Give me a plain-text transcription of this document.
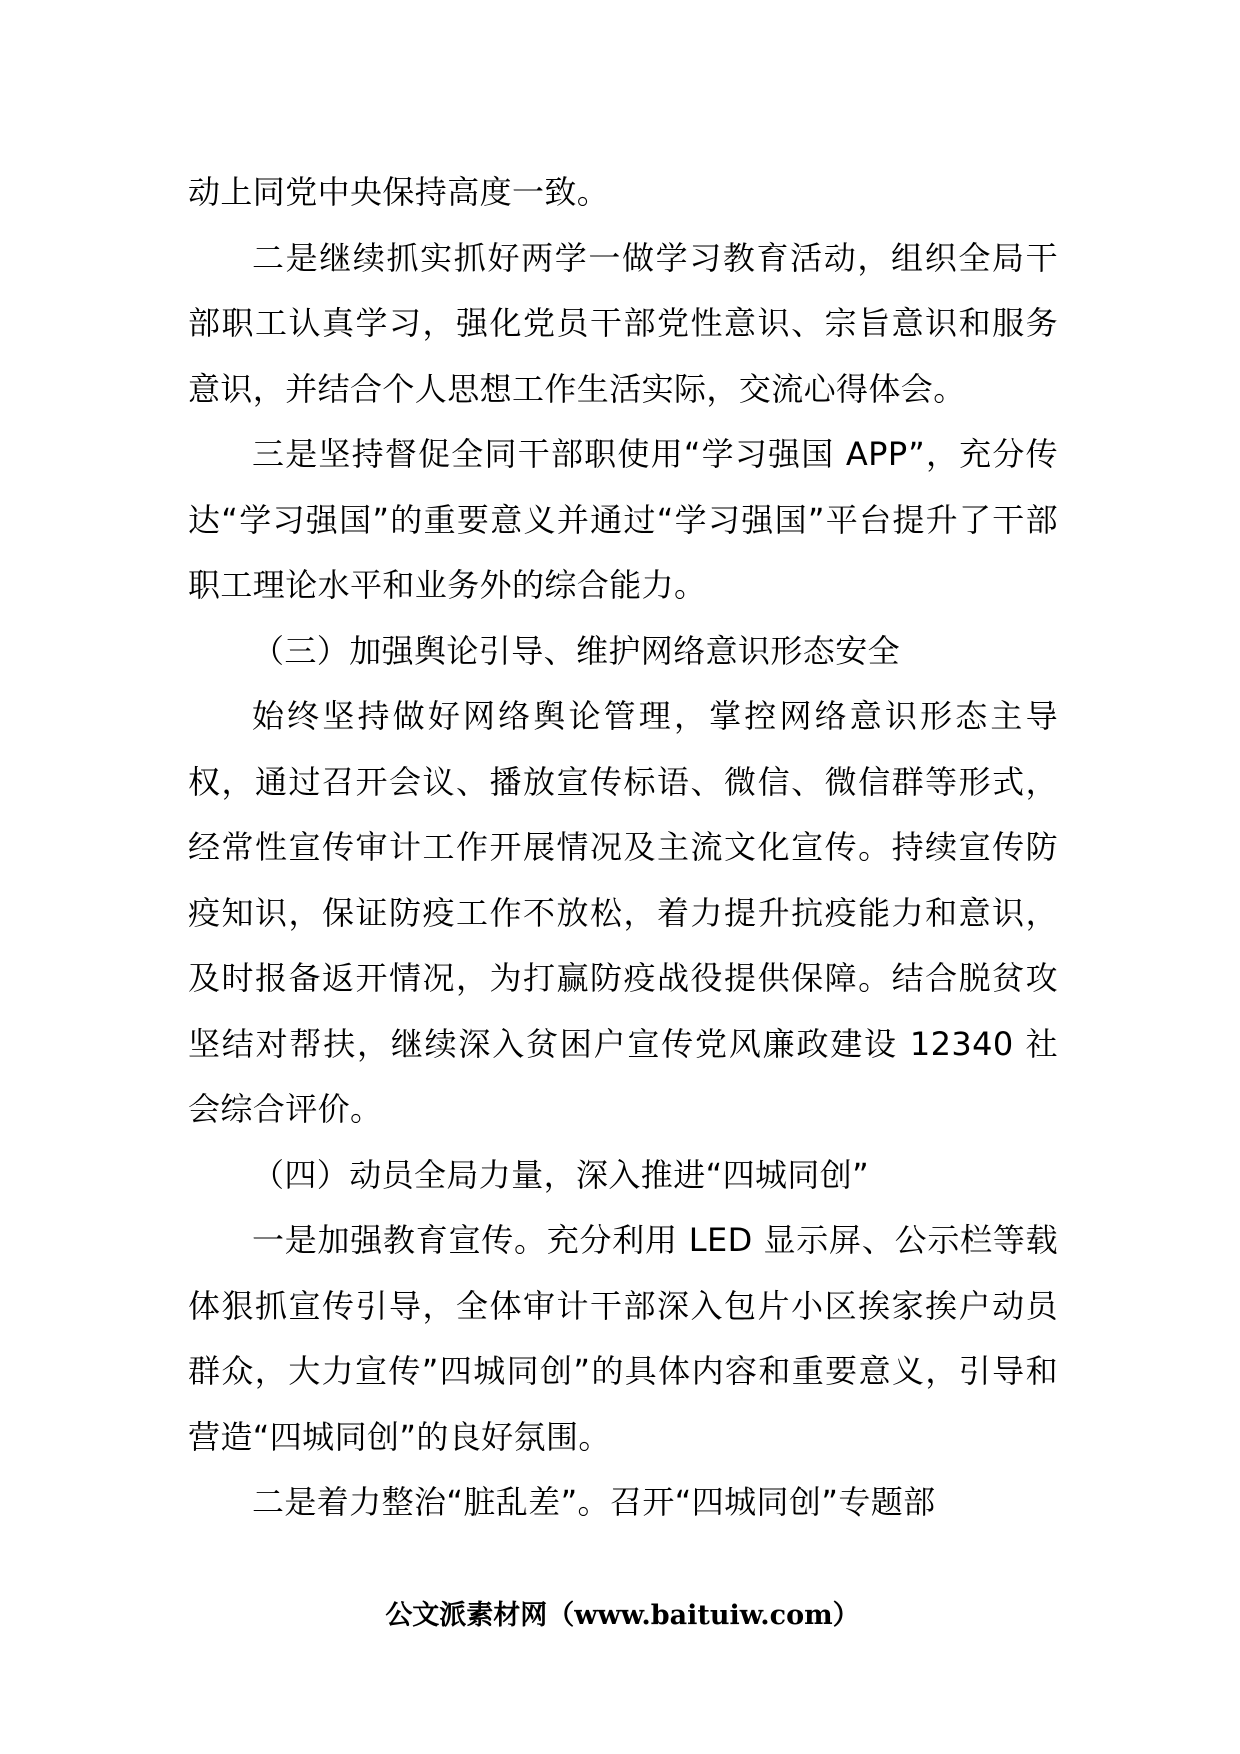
动上同党中央保持高度一致。

二是继续抓实抓好两学一做学习教育活动，组织全局干部职工认真学习，强化党员干部党性意识、宗旨意识和服务意识，并结合个人思想工作生活实际，交流心得体会。

三是坚持督促全同干部职使用“学习强国 APP”，充分传达“学习强国”的重要意义并通过“学习强国”平台提升了干部职工理论水平和业务外的综合能力。

（三）加强舆论引导、维护网络意识形态安全

始终坚持做好网络舆论管理，掌控网络意识形态主导权，通过召开会议、播放宣传标语、微信、微信群等形式，经常性宣传审计工作开展情况及主流文化宣传。持续宣传防疫知识，保证防疫工作不放松，着力提升抗疫能力和意识，及时报备返开情况，为打赢防疫战役提供保障。结合脱贫攻坚结对帮扶，继续深入贫困户宣传党风廉政建设 12340 社会综合评价。

（四）动员全局力量，深入推进“四城同创”

一是加强教育宣传。充分利用 LED 显示屏、公示栏等载体狠抓宣传引导，全体审计干部深入包片小区挨家挨户动员群众，大力宣传”四城同创”的具体内容和重要意义，引导和营造“四城同创”的良好氛围。

二是着力整治“脏乱差”。召开“四城同创”专题部

公文派素材网（www.baituiw.com）
